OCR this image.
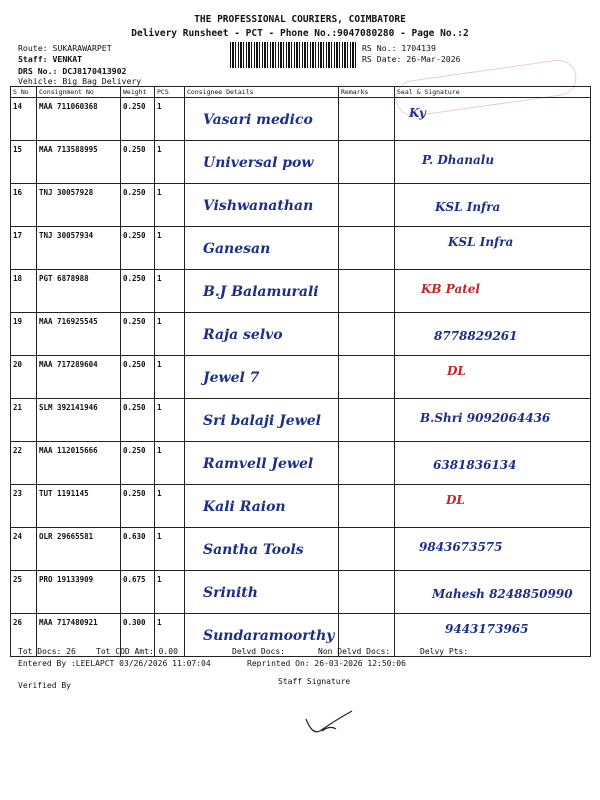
THE PROFESSIONAL COURIERS, COIMBATORE
Delivery Runsheet - PCT - Phone No.:9047080280 - Page No.:2
Route: SUKARAWARPET
Staff: VENKAT
DRS No.: DCJ8170413902
Vehicle: Big Bag Delivery
RS No.: 1704139
RS Date: 26-Mar-2026
S No	Consignment No	Weight	PCS	Consignee Details	Remarks	Seal & Signature
14	MAA 711060368	0.250	1	Vasari medico		Ky

15	MAA 713588995	0.250	1	Universal pow		P. Dhanalu

16	TNJ 30057928	0.250	1	Vishwanathan		KSL Infra

17	TNJ 30057934	0.250	1	Ganesan		KSL Infra

18	PGT 6878988	0.250	1	B.J Balamurali		KB Patel

19	MAA 716925545	0.250	1	Raja selvo		8778829261

20	MAA 717289604	0.250	1	Jewel 7		DL

21	SLM 392141946	0.250	1	Sri balaji Jewel		B.Shri 9092064436

22	MAA 112015666	0.250	1	Ramvell Jewel		6381836134

23	TUT 1191145	0.250	1	Kali Raion		DL

24	OLR 29665581	0.630	1	Santha Tools		9843673575

25	PRO 19133909	0.675	1	Srinith		Mahesh 8248850990

26	MAA 717480921	0.300	1	Sundaramoorthy		9443173965
Tot Docs: 26	Tot COD Amt: 0.00	Delvd Docs:	Non Delvd Docs:	Delvy Pts:
Entered By :LEELAPCT 03/26/2026 11:07:04	Reprinted On: 26-03-2026 12:50:06
Verified By	Staff Signature
